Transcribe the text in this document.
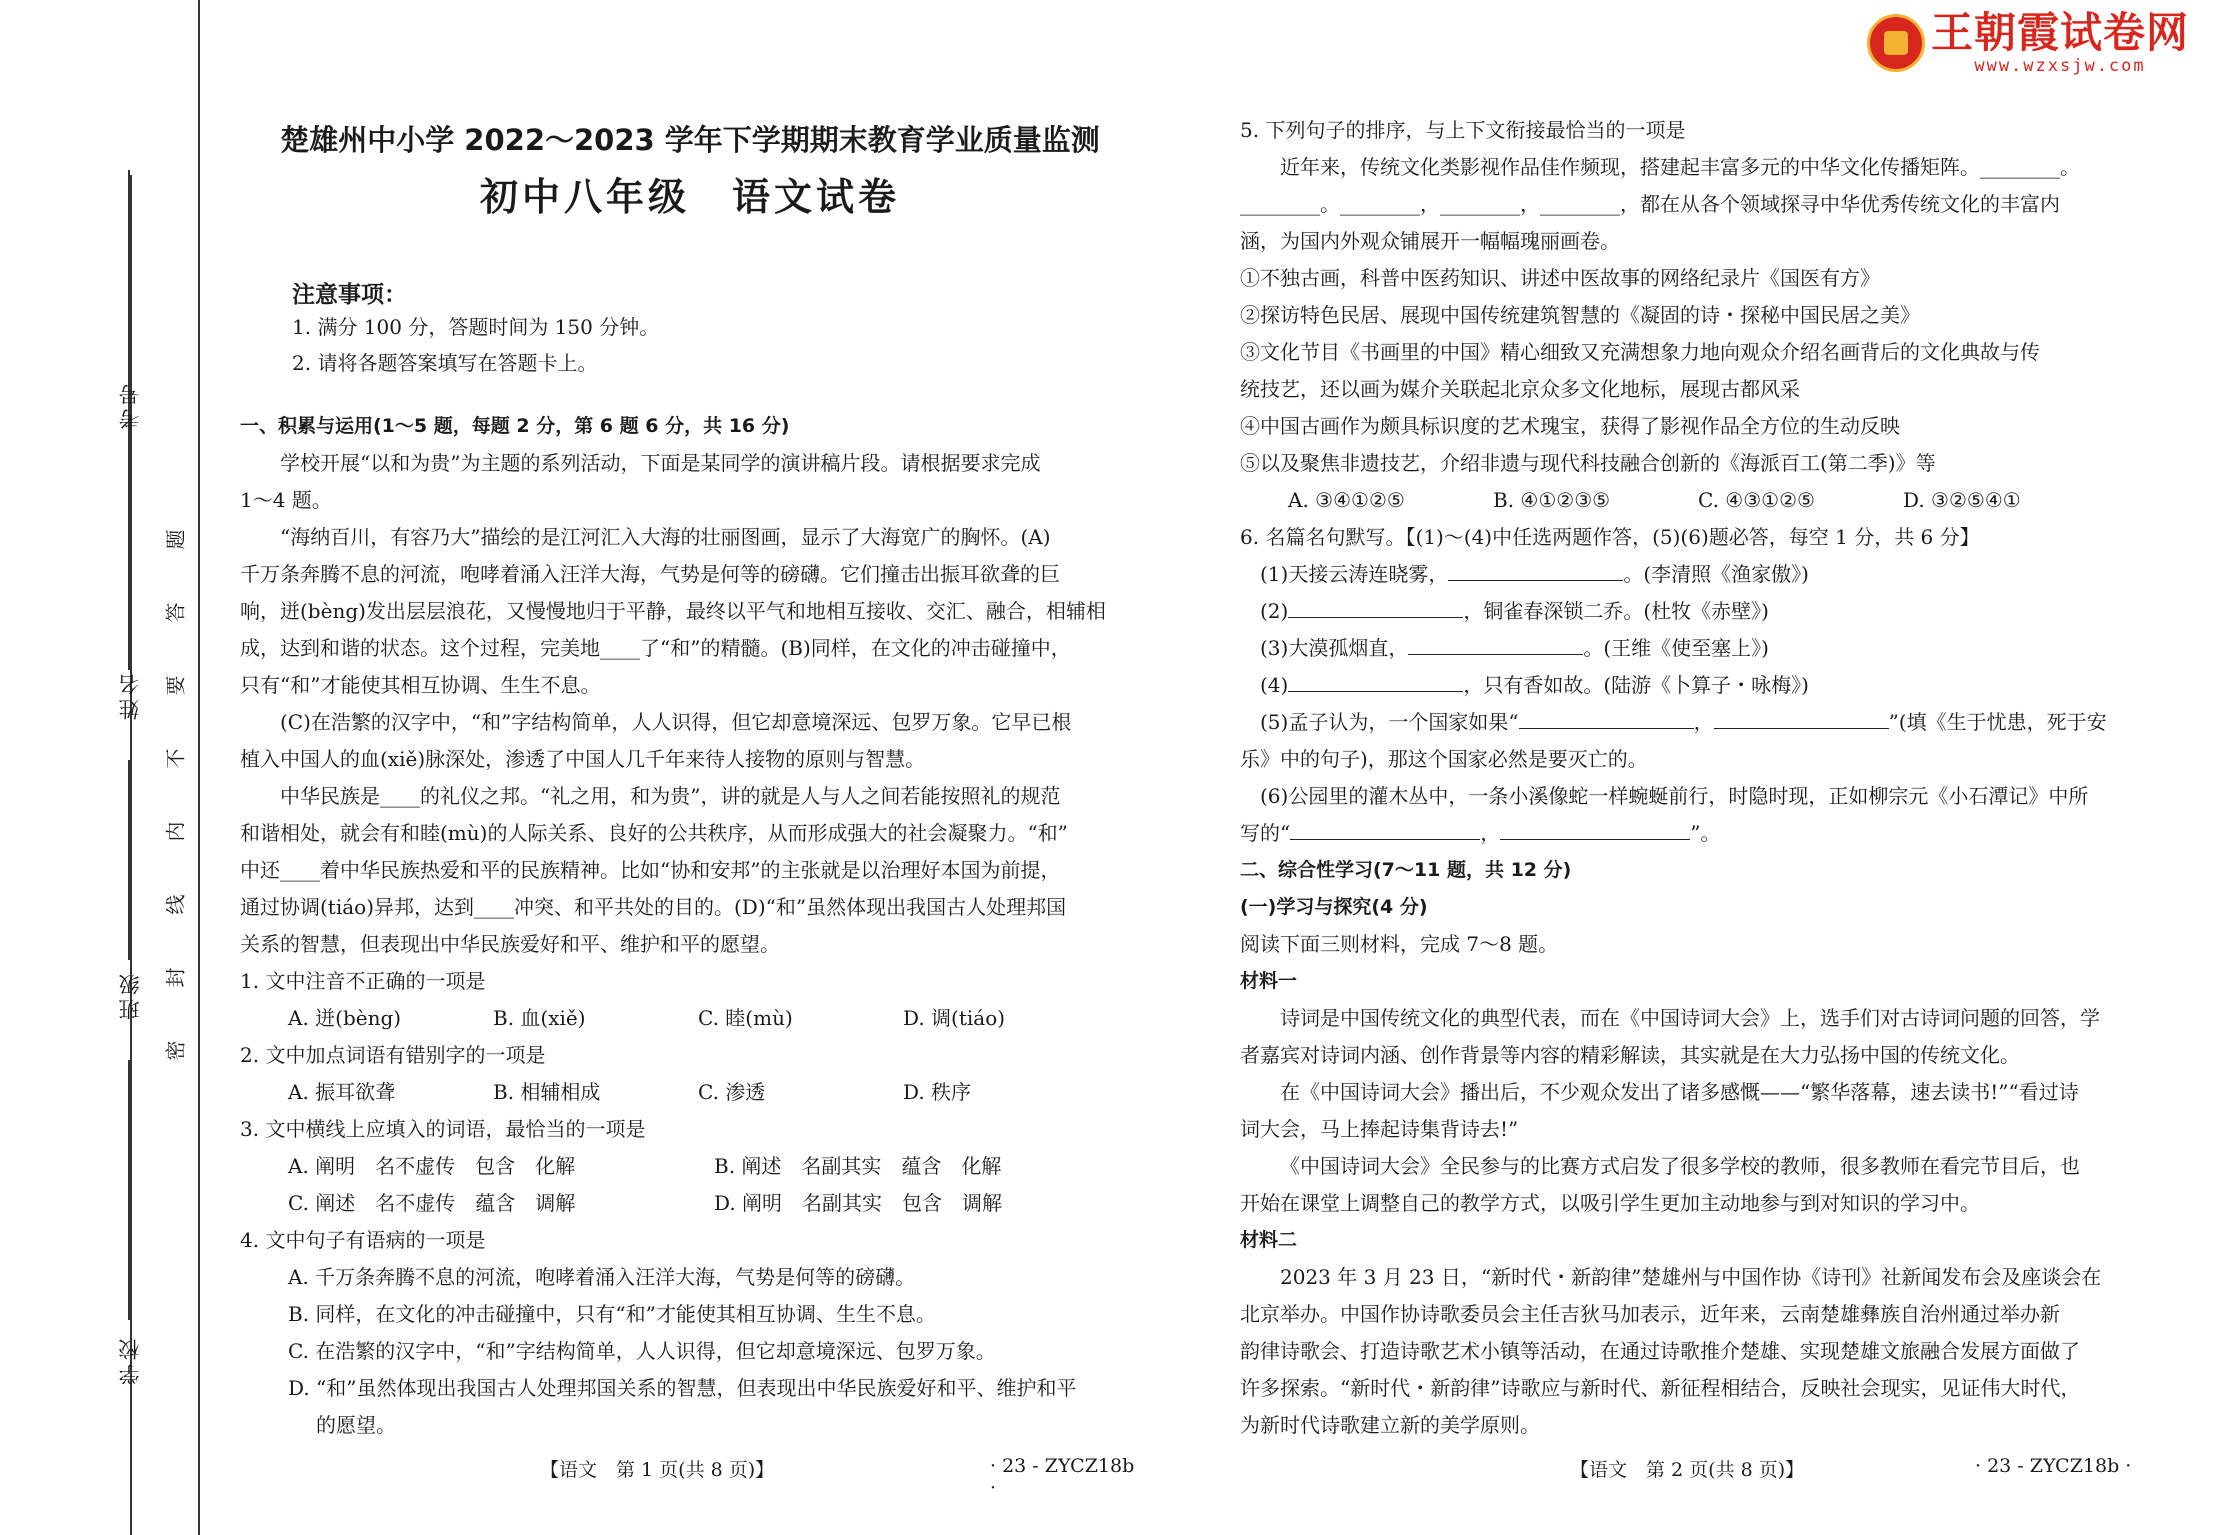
考号
姓名
班级
学校
题
答
要
不
内
线
封
密
王朝霞试卷网
www.wzxsjw.com
楚雄州中小学 2022～2023 学年下学期期末教育学业质量监测
初中八年级　语文试卷
注意事项：
1. 满分 100 分，答题时间为 150 分钟。
2. 请将各题答案填写在答题卡上。
一、积累与运用(1～5 题，每题 2 分，第 6 题 6 分，共 16 分)
学校开展“以和为贵”为主题的系列活动，下面是某同学的演讲稿片段。请根据要求完成
1～4 题。
“海纳百川，有容乃大”描绘的是江河汇入大海的壮丽图画，显示了大海宽广的胸怀。(A)
千万条奔腾不息的河流，咆哮着涌入汪洋大海，气势是何等的磅礴。它们撞击出振耳欲聋的巨
响，迸(bèng)发出层层浪花，又慢慢地归于平静，最终以平气和地相互接收、交汇、融合，相辅相
成，达到和谐的状态。这个过程，完美地____了“和”的精髓。(B)同样，在文化的冲击碰撞中，
只有“和”才能使其相互协调、生生不息。
(C)在浩繁的汉字中，“和”字结构简单，人人识得，但它却意境深远、包罗万象。它早已根
植入中国人的血(xiě)脉深处，渗透了中国人几千年来待人接物的原则与智慧。
中华民族是____的礼仪之邦。“礼之用，和为贵”，讲的就是人与人之间若能按照礼的规范
和谐相处，就会有和睦(mù)的人际关系、良好的公共秩序，从而形成强大的社会凝聚力。“和”
中还____着中华民族热爱和平的民族精神。比如“协和安邦”的主张就是以治理好本国为前提，
通过协调(tiáo)异邦，达到____冲突、和平共处的目的。(D)“和”虽然体现出我国古人处理邦国
关系的智慧，但表现出中华民族爱好和平、维护和平的愿望。
1. 文中注音不正确的一项是
A. 迸(bèng)	B. 血(xiě)	C. 睦(mù)	D. 调(tiáo)
2. 文中加点词语有错别字的一项是
A. 振耳欲聋	B. 相辅相成	C. 渗透	D. 秩序
3. 文中横线上应填入的词语，最恰当的一项是
A. 阐明　名不虚传　包含　化解	B. 阐述　名副其实　蕴含　化解
C. 阐述　名不虚传　蕴含　调解	D. 阐明　名副其实　包含　调解
4. 文中句子有语病的一项是
A. 千万条奔腾不息的河流，咆哮着涌入汪洋大海，气势是何等的磅礴。
B. 同样，在文化的冲击碰撞中，只有“和”才能使其相互协调、生生不息。
C. 在浩繁的汉字中，“和”字结构简单，人人识得，但它却意境深远、包罗万象。
D. “和”虽然体现出我国古人处理邦国关系的智慧，但表现出中华民族爱好和平、维护和平
的愿望。
【语文　第 1 页(共 8 页)】	· 23 - ZYCZ18b ·
5. 下列句子的排序，与上下文衔接最恰当的一项是
近年来，传统文化类影视作品佳作频现，搭建起丰富多元的中华文化传播矩阵。________。
________。________，________，________，都在从各个领域探寻中华优秀传统文化的丰富内
涵，为国内外观众铺展开一幅幅瑰丽画卷。
①不独古画，科普中医药知识、讲述中医故事的网络纪录片《国医有方》
②探访特色民居、展现中国传统建筑智慧的《凝固的诗・探秘中国民居之美》
③文化节目《书画里的中国》精心细致又充满想象力地向观众介绍名画背后的文化典故与传
统技艺，还以画为媒介关联起北京众多文化地标，展现古都风采
④中国古画作为颇具标识度的艺术瑰宝，获得了影视作品全方位的生动反映
⑤以及聚焦非遗技艺，介绍非遗与现代科技融合创新的《海派百工(第二季)》等
A. ③④①②⑤	B. ④①②③⑤	C. ④③①②⑤	D. ③②⑤④①
6. 名篇名句默写。【(1)～(4)中任选两题作答，(5)(6)题必答，每空 1 分，共 6 分】
(1)天接云涛连晓雾，	。(李清照《渔家傲》)
(2)	，铜雀春深锁二乔。(杜牧《赤壁》)
(3)大漠孤烟直，	。(王维《使至塞上》)
(4)	，只有香如故。(陆游《卜算子・咏梅》)
(5)孟子认为，一个国家如果“	，	”(填《生于忧患，死于安
乐》中的句子)，那这个国家必然是要灭亡的。
(6)公园里的灌木丛中，一条小溪像蛇一样蜿蜒前行，时隐时现，正如柳宗元《小石潭记》中所
写的“	，	”。
二、综合性学习(7～11 题，共 12 分)
(一)学习与探究(4 分)
阅读下面三则材料，完成 7～8 题。
材料一
诗词是中国传统文化的典型代表，而在《中国诗词大会》上，选手们对古诗词问题的回答，学
者嘉宾对诗词内涵、创作背景等内容的精彩解读，其实就是在大力弘扬中国的传统文化。
在《中国诗词大会》播出后，不少观众发出了诸多感慨——“繁华落幕，速去读书!”“看过诗
词大会，马上捧起诗集背诗去!”
《中国诗词大会》全民参与的比赛方式启发了很多学校的教师，很多教师在看完节目后，也
开始在课堂上调整自己的教学方式，以吸引学生更加主动地参与到对知识的学习中。
材料二
2023 年 3 月 23 日，“新时代・新韵律”楚雄州与中国作协《诗刊》社新闻发布会及座谈会在
北京举办。中国作协诗歌委员会主任吉狄马加表示，近年来，云南楚雄彝族自治州通过举办新
韵律诗歌会、打造诗歌艺术小镇等活动，在通过诗歌推介楚雄、实现楚雄文旅融合发展方面做了
许多探索。“新时代・新韵律”诗歌应与新时代、新征程相结合，反映社会现实，见证伟大时代，
为新时代诗歌建立新的美学原则。
【语文　第 2 页(共 8 页)】	· 23 - ZYCZ18b ·
